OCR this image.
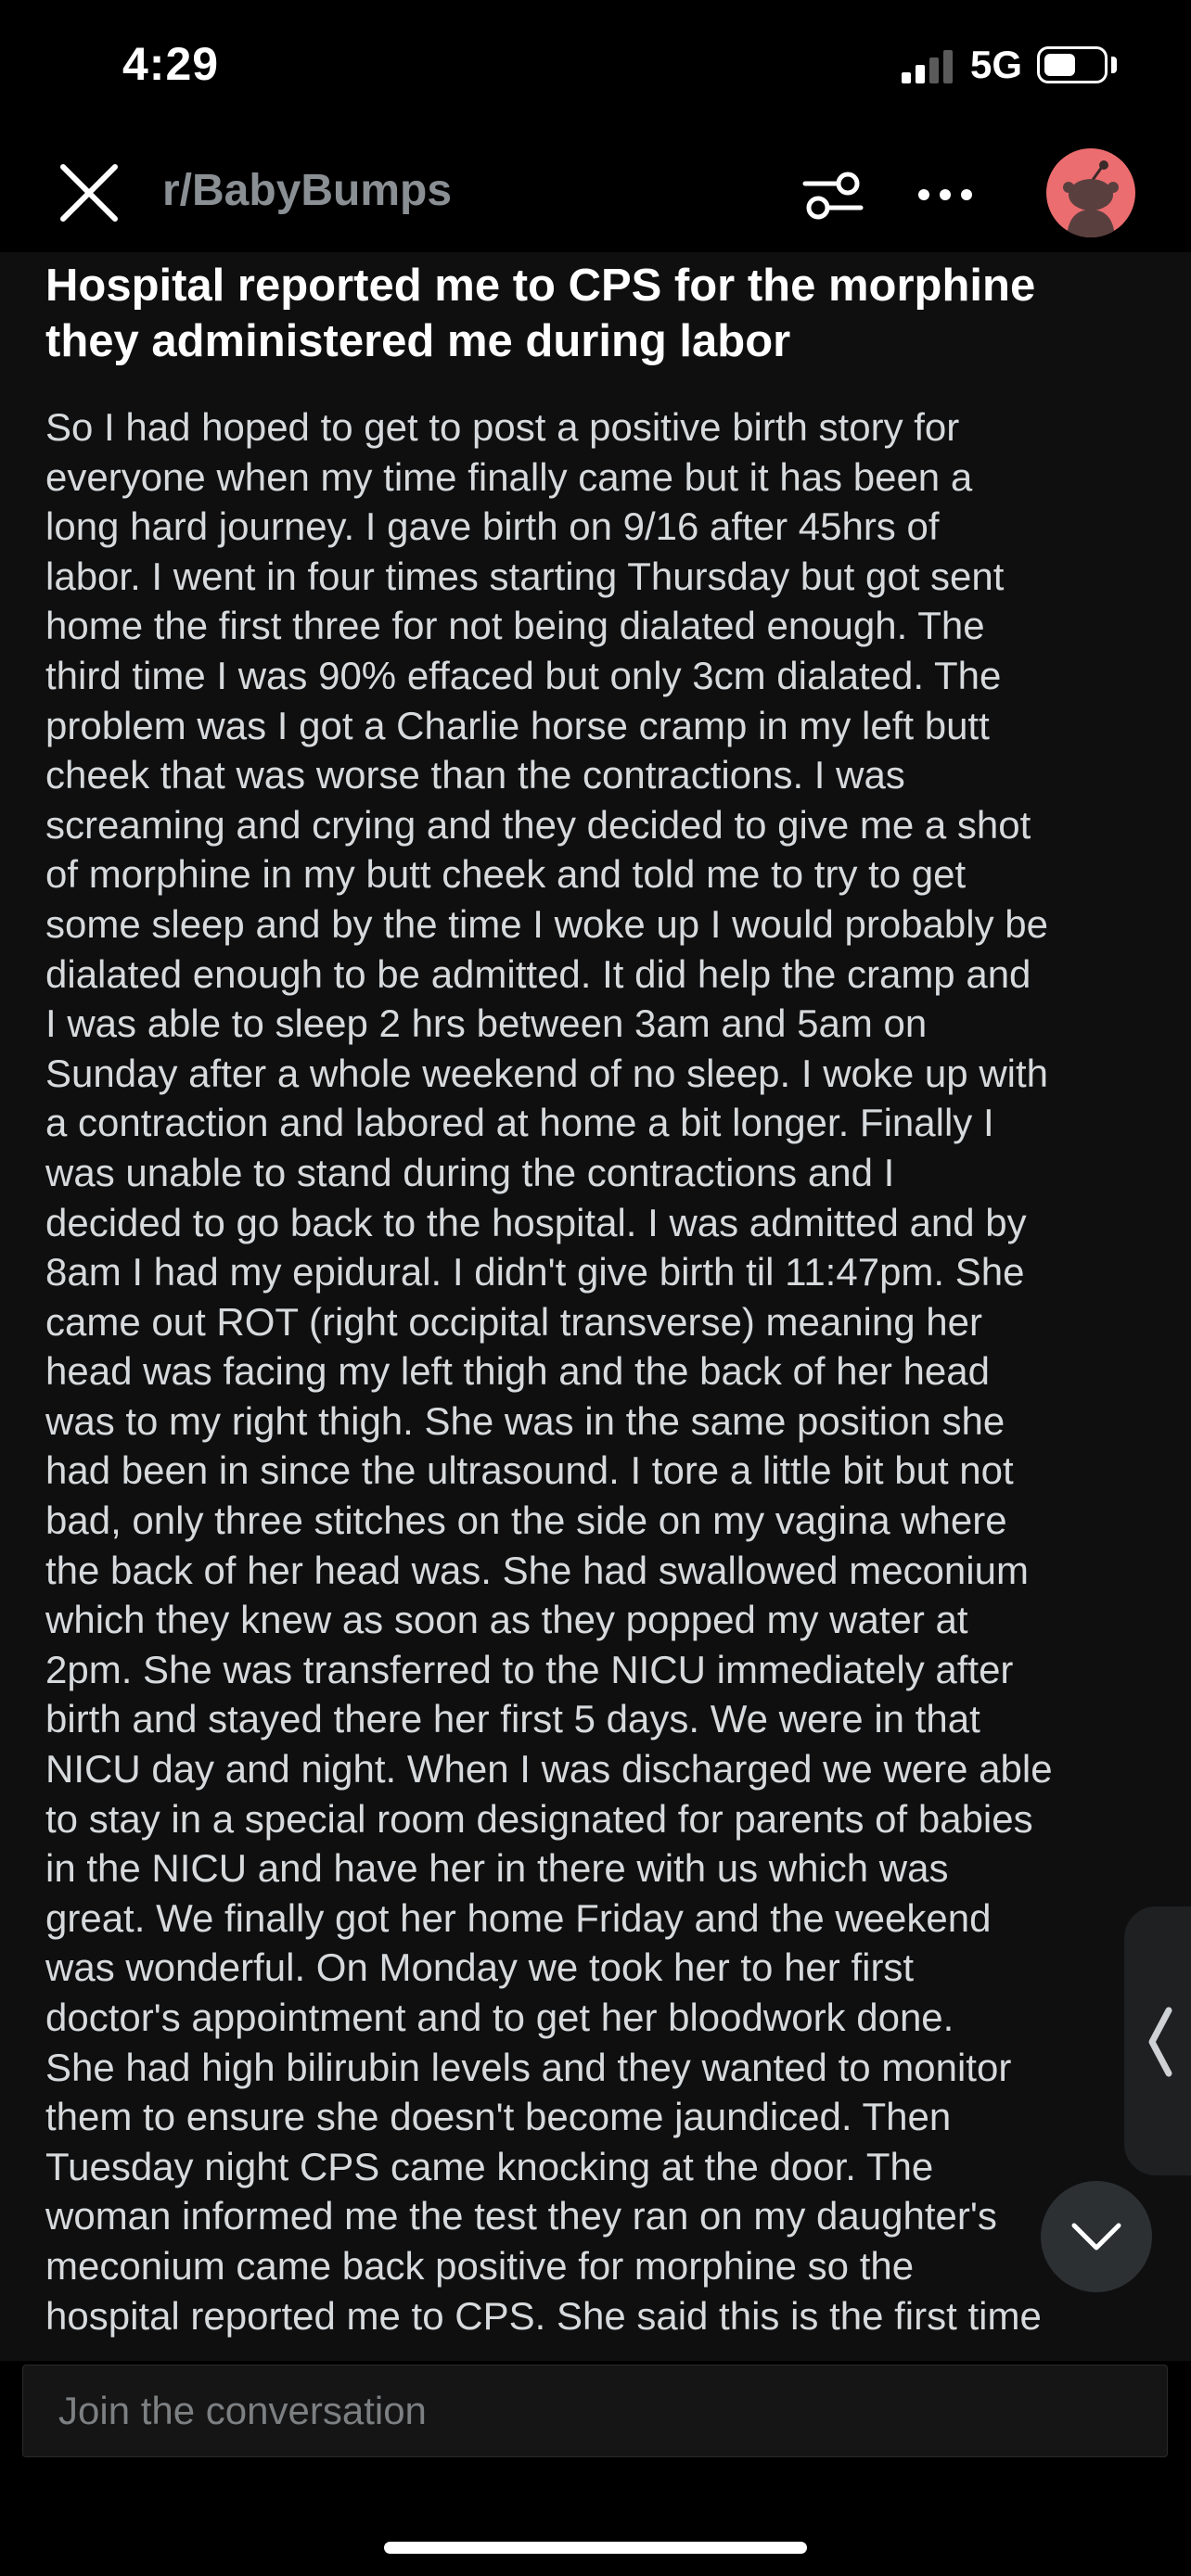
4:29	5G
r/BabyBumps
Hospital reported me to CPS for the morphine
they administered me during labor
So I had hoped to get to post a positive birth story for
everyone when my time finally came but it has been a
long hard journey. I gave birth on 9/16 after 45hrs of
labor. I went in four times starting Thursday but got sent
home the first three for not being dialated enough. The
third time I was 90% effaced but only 3cm dialated. The
problem was I got a Charlie horse cramp in my left butt
cheek that was worse than the contractions. I was
screaming and crying and they decided to give me a shot
of morphine in my butt cheek and told me to try to get
some sleep and by the time I woke up I would probably be
dialated enough to be admitted. It did help the cramp and
I was able to sleep 2 hrs between 3am and 5am on
Sunday after a whole weekend of no sleep. I woke up with
a contraction and labored at home a bit longer. Finally I
was unable to stand during the contractions and I
decided to go back to the hospital. I was admitted and by
8am I had my epidural. I didn't give birth til 11:47pm. She
came out ROT (right occipital transverse) meaning her
head was facing my left thigh and the back of her head
was to my right thigh. She was in the same position she
had been in since the ultrasound. I tore a little bit but not
bad, only three stitches on the side on my vagina where
the back of her head was. She had swallowed meconium
which they knew as soon as they popped my water at
2pm. She was transferred to the NICU immediately after
birth and stayed there her first 5 days. We were in that
NICU day and night. When I was discharged we were able
to stay in a special room designated for parents of babies
in the NICU and have her in there with us which was
great. We finally got her home Friday and the weekend
was wonderful. On Monday we took her to her first
doctor's appointment and to get her bloodwork done.
She had high bilirubin levels and they wanted to monitor
them to ensure she doesn't become jaundiced. Then
Tuesday night CPS came knocking at the door. The
woman informed me the test they ran on my daughter's
meconium came back positive for morphine so the
hospital reported me to CPS. She said this is the first time
Join the conversation
